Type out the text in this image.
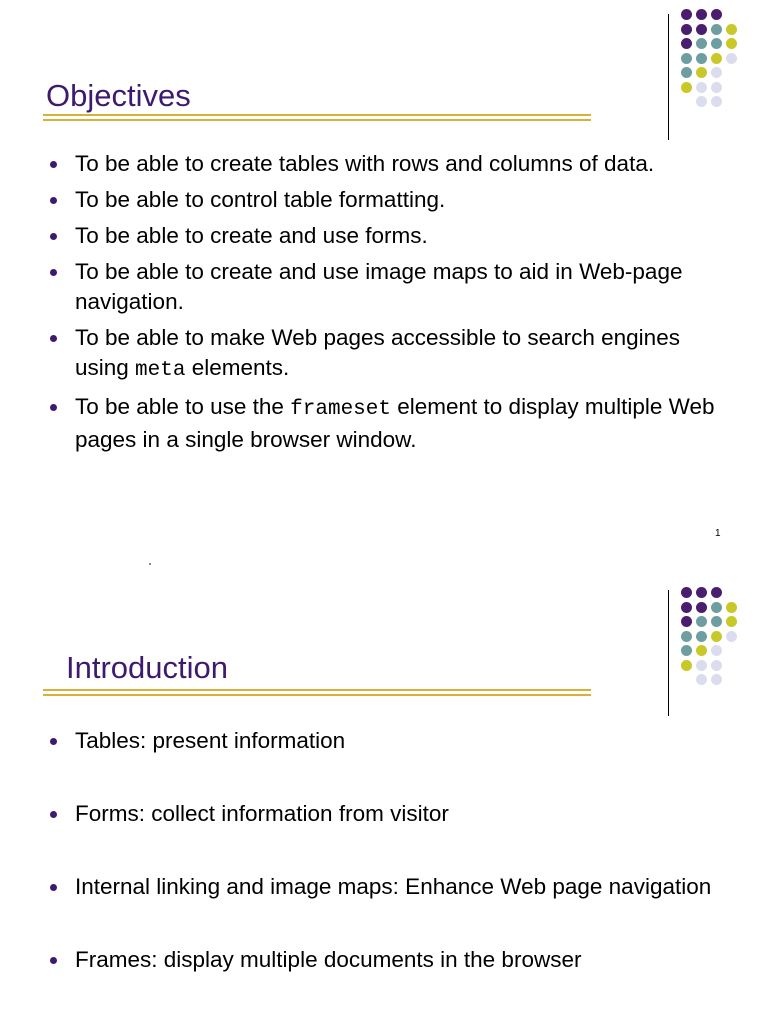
Objectives
To be able to create tables with rows and columns of data.
To be able to control table formatting.
To be able to create and use forms.
To be able to create and use image maps to aid in Web-page navigation.
To be able to make Web pages accessible to search engines using meta elements.
To be able to use the frameset element to display multiple Web pages in a single browser window.
1
Introduction
Tables: present information
Forms: collect information from visitor
Internal linking and image maps: Enhance Web page navigation
Frames: display multiple documents in the browser
